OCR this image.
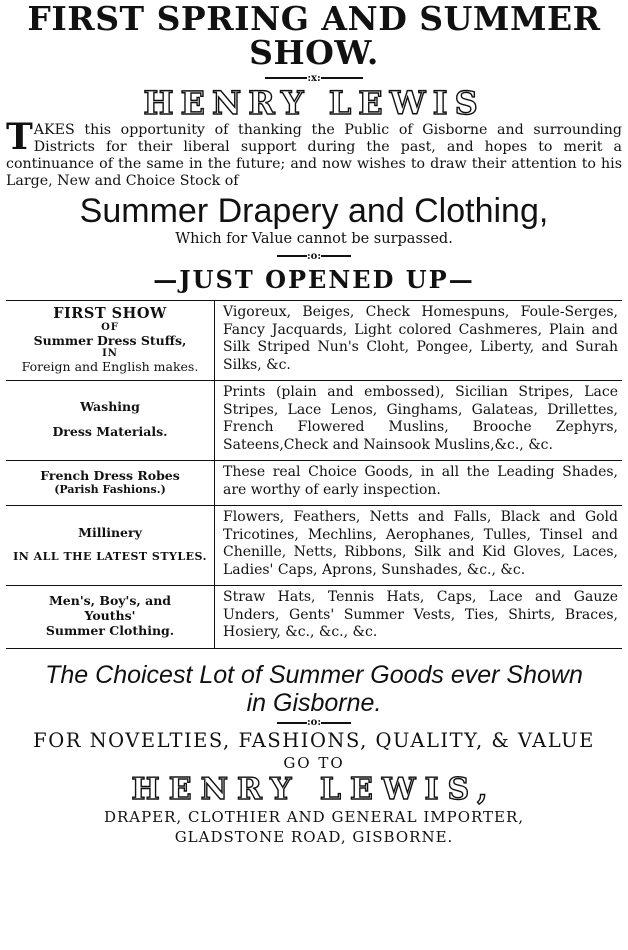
FIRST SPRING AND SUMMER
SHOW.
:x:
HENRY LEWIS
TAKES this opportunity of thanking the Public of Gisborne and surrounding Districts for their liberal support during the past, and hopes to merit a continuance of the same in the future; and now wishes to draw their attention to his Large, New and Choice Stock of
Summer Drapery and Clothing,
Which for Value cannot be surpassed.
:o:
—JUST OPENED UP—
FIRST SHOW
OF
Summer Dress Stuffs,
IN
Foreign and English makes.	Vigoreux, Beiges, Check Homespuns, Foule-Serges, Fancy Jacquards, Light colored Cashmeres, Plain and Silk Striped Nun's Cloht, Pongee, Liberty, and Surah Silks, &c.

Washing
Dress Materials.	Prints (plain and embossed), Sicilian Stripes, Lace Stripes, Lace Lenos, Ginghams, Galateas, Drillettes, French Flowered Muslins, Brooche Zephyrs, Sateens,Check and Nainsook Muslins,&c., &c.

French Dress Robes
(Parish Fashions.)	These real Choice Goods, in all the Leading Shades, are worthy of early inspection.

Millinery
IN ALL THE LATEST STYLES.	Flowers, Feathers, Netts and Falls, Black and Gold Tricotines, Mechlins, Aerophanes, Tulles, Tinsel and Chenille, Netts, Ribbons, Silk and Kid Gloves, Laces, Ladies' Caps, Aprons, Sunshades, &c., &c.

Men's, Boy's, and
Youths'
Summer Clothing.	Straw Hats, Tennis Hats, Caps, Lace and Gauze Unders, Gents' Summer Vests, Ties, Shirts, Braces, Hosiery, &c., &c., &c.
The Choicest Lot of Summer Goods ever Shown
in Gisborne.
:o:
FOR NOVELTIES, FASHIONS, QUALITY, & VALUE
GO TO
HENRY LEWIS,
DRAPER, CLOTHIER AND GENERAL IMPORTER,
GLADSTONE ROAD, GISBORNE.
